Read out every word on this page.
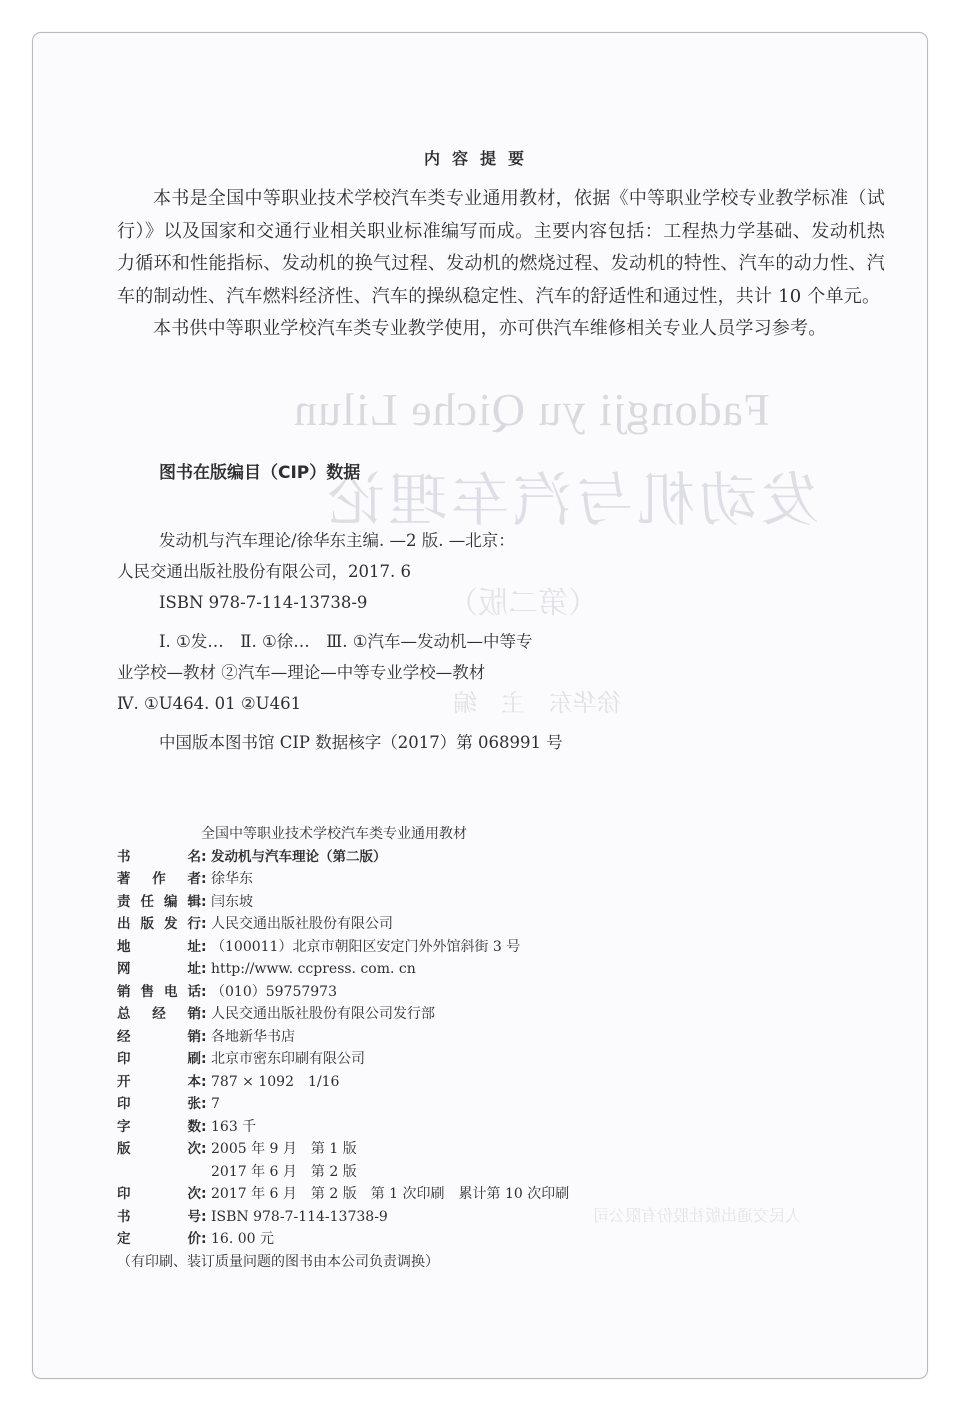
Fadongji yu Qiche Lilun
发动机与汽车理论
（第二版）
徐华东　主　编
人民交通出版社股份有限公司
内容提要

本书是全国中等职业技术学校汽车类专业通用教材，依据《中等职业学校专业教学标准（试行）》以及国家和交通行业相关职业标准编写而成。主要内容包括：工程热力学基础、发动机热力循环和性能指标、发动机的换气过程、发动机的燃烧过程、发动机的特性、汽车的动力性、汽车的制动性、汽车燃料经济性、汽车的操纵稳定性、汽车的舒适性和通过性，共计 10 个单元。

本书供中等职业学校汽车类专业教学使用，亦可供汽车维修相关专业人员学习参考。

图书在版编目（CIP）数据
发动机与汽车理论/徐华东主编. —2 版. —北京：
人民交通出版社股份有限公司，2017. 6
ISBN 978-7-114-13738-9
Ⅰ. ①发…　Ⅱ. ①徐…　Ⅲ. ①汽车—发动机—中等专
业学校—教材 ②汽车—理论—中等专业学校—教材
Ⅳ. ①U464. 01 ②U461
中国版本图书馆 CIP 数据核字（2017）第 068991 号
全国中等职业技术学校汽车类专业通用教材
书	名 : 发动机与汽车理论（第二版）
著 作 者 : 徐华东
责 任 编 辑 : 闫东坡
出 版 发 行 : 人民交通出版社股份有限公司
地	址 : （100011）北京市朝阳区安定门外外馆斜街 3 号
网	址 : http://www. ccpress. com. cn
销 售 电 话 : （010）59757973
总 经 销 : 人民交通出版社股份有限公司发行部
经	销 : 各地新华书店
印	刷 : 北京市密东印刷有限公司
开	本 : 787 × 1092　1/16
印	张 : 7
字	数 : 163 千
版	次 : 2005 年 9 月　第 1 版
2017 年 6 月　第 2 版
印	次 : 2017 年 6 月　第 2 版　第 1 次印刷　累计第 10 次印刷
书	号 : ISBN 978-7-114-13738-9
定	价 : 16. 00 元
（有印刷、装订质量问题的图书由本公司负责调换）
